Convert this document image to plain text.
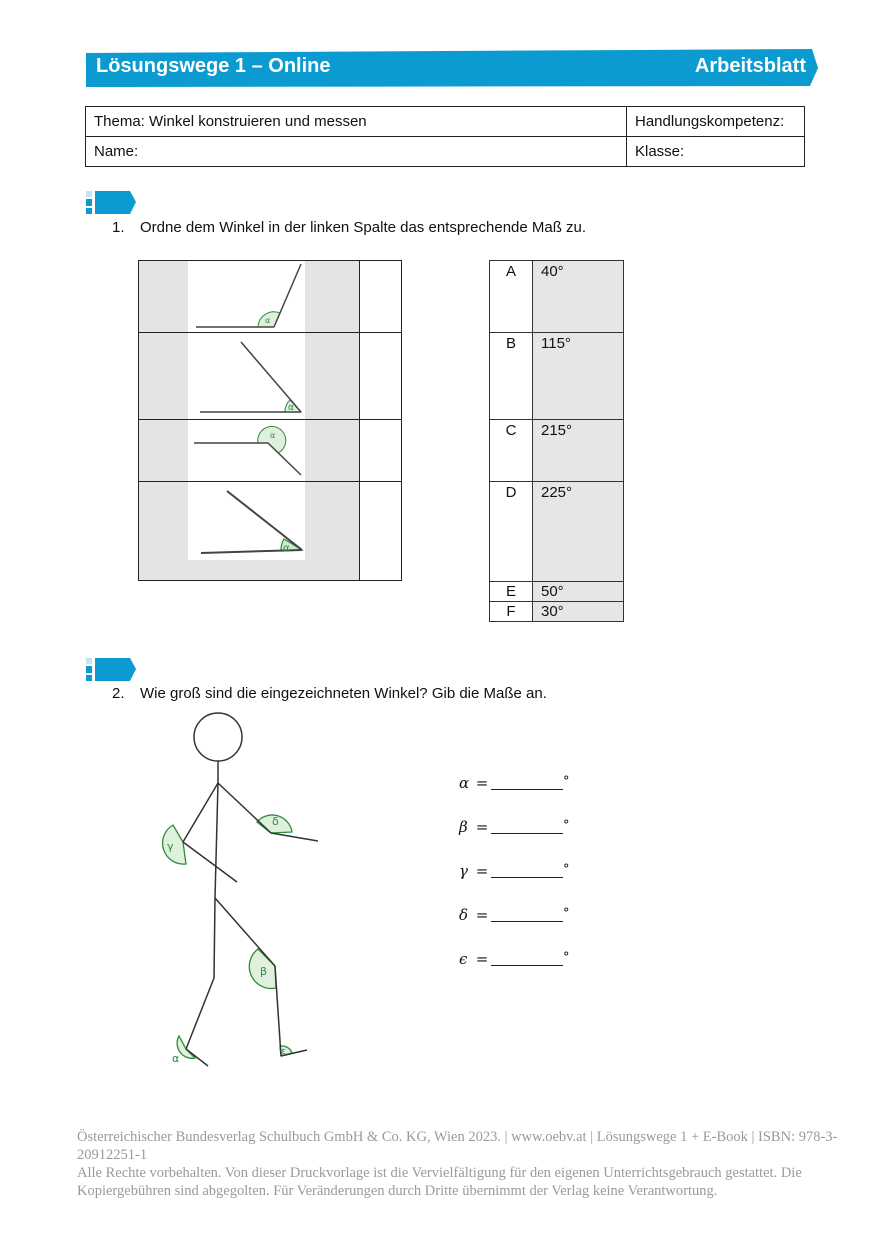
Lösungswege 1 – Online	Arbeitsblatt
Thema: Winkel konstruieren und messen	Handlungskompetenz:
Name:	Klasse:
1. Ordne dem Winkel in der linken Spalte das entsprechende Maß zu.
α
α
α
α
A	40°
B	115°
C	215°
D	225°
E	50°
F	30°
2. Wie groß sind die eingezeichneten Winkel? Gib die Maße an.
γ
δ
β
α	ε
α =	°
β =	°
γ =	°
δ =	°
ϵ =	°
Österreichischer Bundesverlag Schulbuch GmbH & Co. KG, Wien 2023. | www.oebv.at | Lösungswege 1 + E-Book | ISBN: 978-3-20912251-1
Alle Rechte vorbehalten. Von dieser Druckvorlage ist die Vervielfältigung für den eigenen Unterrichtsgebrauch gestattet. Die Kopiergebühren sind abgegolten. Für Veränderungen durch Dritte übernimmt der Verlag keine Verantwortung.
